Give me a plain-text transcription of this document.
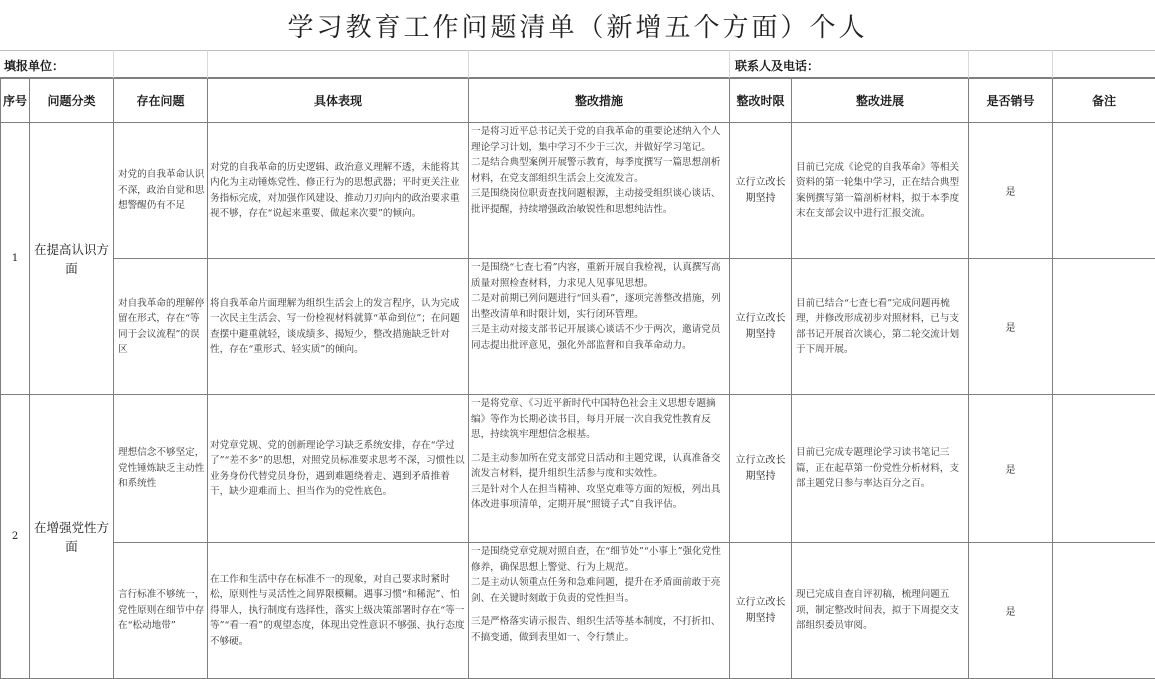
学习教育工作问题清单（新增五个方面）个人
填报单位：	联系人及电话：
序号	问题分类	存在问题	具体表现	整改措施	整改时限	整改进展	是否销号	备注
1	在提高认识方面	对党的自我革命认识不深，政治自觉和思想警醒仍有不足	对党的自我革命的历史逻辑、政治意义理解不透，未能将其内化为主动锤炼党性、修正行为的思想武器；平时更关注业务指标完成，对加强作风建设、推动刀刃向内的政治要求重视不够，存在“说起来重要、做起来次要”的倾向。	一是将习近平总书记关于党的自我革命的重要论述纳入个人理论学习计划，集中学习不少于三次，并做好学习笔记。
二是结合典型案例开展警示教育，每季度撰写一篇思想剖析材料，在党支部组织生活会上交流发言。
三是围绕岗位职责查找问题根源，主动接受组织谈心谈话、批评提醒，持续增强政治敏锐性和思想纯洁性。	立行立改长期坚持	目前已完成《论党的自我革命》等相关资料的第一轮集中学习，正在结合典型案例撰写第一篇剖析材料，拟于本季度末在支部会议中进行汇报交流。	是	
		对自我革命的理解停留在形式，存在“等同于会议流程”的误区	将自我革命片面理解为组织生活会上的发言程序，认为完成一次民主生活会、写一份检视材料就算“革命到位”；在问题查摆中避重就轻，谈成绩多、揭短少，整改措施缺乏针对性，存在“重形式、轻实质”的倾向。	一是围绕“七查七看”内容，重新开展自我检视，认真撰写高质量对照检查材料，力求见人见事见思想。
二是对前期已列问题进行“回头看”，逐项完善整改措施，列出整改清单和时限计划，实行闭环管理。
三是主动对接支部书记开展谈心谈话不少于两次，邀请党员同志提出批评意见，强化外部监督和自我革命动力。	立行立改长期坚持	目前已结合“七查七看”完成问题再梳理，并修改形成初步对照材料，已与支部书记开展首次谈心，第二轮交流计划于下周开展。	是	
2	在增强党性方面	理想信念不够坚定，党性锤炼缺乏主动性和系统性	对党章党规、党的创新理论学习缺乏系统安排，存在“学过了”“差不多”的思想，对照党员标准要求思考不深，习惯性以业务身份代替党员身份，遇到难题绕着走、遇到矛盾推着干，缺少迎难而上、担当作为的党性底色。	一是将党章、《习近平新时代中国特色社会主义思想专题摘编》等作为长期必读书目，每月开展一次自我党性教育反思，持续筑牢理想信念根基。
二是主动参加所在党支部党日活动和主题党课，认真准备交流发言材料，提升组织生活参与度和实效性。
三是针对个人在担当精神、攻坚克难等方面的短板，列出具体改进事项清单，定期开展“照镜子式”自我评估。	立行立改长期坚持	目前已完成专题理论学习读书笔记三篇，正在起草第一份党性分析材料，支部主题党日参与率达百分之百。	是	
		言行标准不够统一，党性原则在细节中存在“松动地带”	在工作和生活中存在标准不一的现象，对自己要求时紧时松，原则性与灵活性之间界限模糊。遇事习惯“和稀泥”、怕得罪人，执行制度有选择性，落实上级决策部署时存在“等一等”“看一看”的观望态度，体现出党性意识不够强、执行态度不够硬。	一是围绕党章党规对照自查，在“细节处”“小事上”强化党性修养，确保思想上警觉、行为上规范。
二是主动认领重点任务和急难问题，提升在矛盾面前敢于亮剑、在关键时刻敢于负责的党性担当。
三是严格落实请示报告、组织生活等基本制度，不打折扣、不搞变通，做到表里如一、令行禁止。	立行立改长期坚持	现已完成自查自评初稿，梳理问题五项，制定整改时间表，拟于下周提交支部组织委员审阅。	是	
